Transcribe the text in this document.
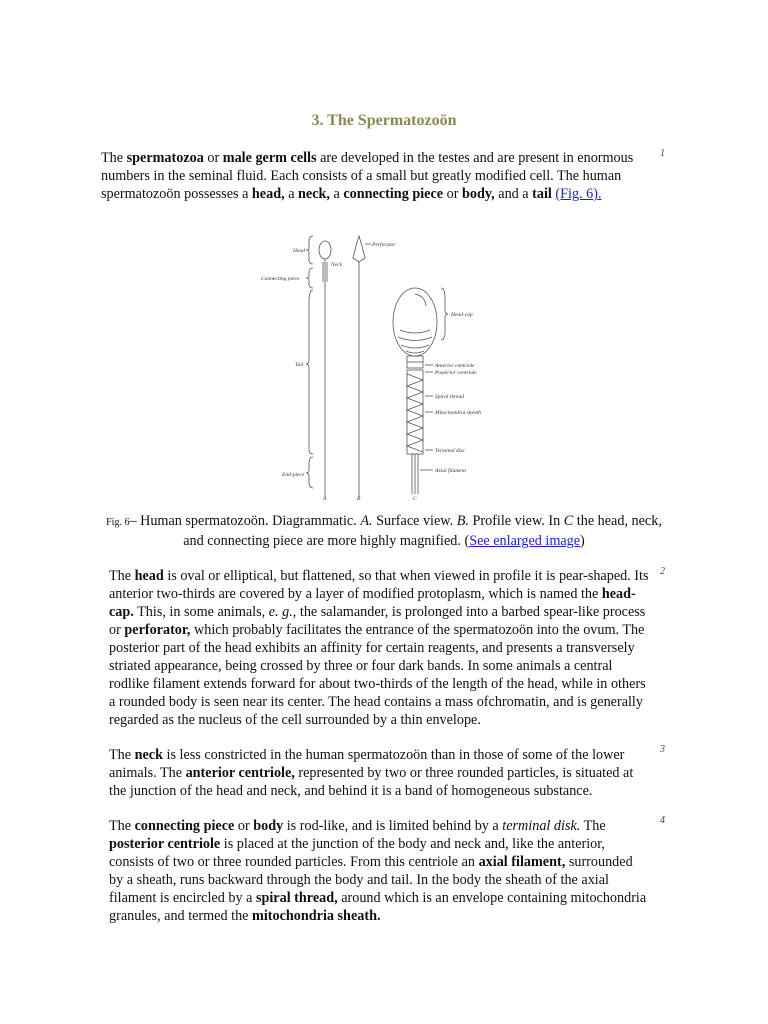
3. The Spermatozoön
The spermatozoa or male germ cells are developed in the testes and are present in enormous numbers in the seminal fluid. Each consists of a small but greatly modified cell. The human spermatozoön possesses a head, a neck, a connecting piece or body, and a tail (Fig. 6).
1
Head
Neck
Connecting piece
Tail
End-piece
Perforator
Head-cap
Anterior centriole
Posterior centriole
Spiral thread
Mitochondria sheath
Terminal disc
Axial filament
A	B	C
Fig. 6– Human spermatozoön. Diagrammatic. A. Surface view. B. Profile view. In C the head, neck, and connecting piece are more highly magnified. (See enlarged image)
The head is oval or elliptical, but flattened, so that when viewed in profile it is pear-shaped. Its anterior two-thirds are covered by a layer of modified protoplasm, which is named the head-cap. This, in some animals, e. g., the salamander, is prolonged into a barbed spear-like process or perforator, which probably facilitates the entrance of the spermatozoön into the ovum. The posterior part of the head exhibits an affinity for certain reagents, and presents a transversely striated appearance, being crossed by three or four dark bands. In some animals a central rodlike filament extends forward for about two-thirds of the length of the head, while in others a rounded body is seen near its center. The head contains a mass ofchromatin, and is generally regarded as the nucleus of the cell surrounded by a thin envelope.
2
The neck is less constricted in the human spermatozoön than in those of some of the lower animals. The anterior centriole, represented by two or three rounded particles, is situated at the junction of the head and neck, and behind it is a band of homogeneous substance.
3
The connecting piece or body is rod-like, and is limited behind by a terminal disk. The posterior centriole is placed at the junction of the body and neck and, like the anterior, consists of two or three rounded particles. From this centriole an axial filament, surrounded by a sheath, runs backward through the body and tail. In the body the sheath of the axial filament is encircled by a spiral thread, around which is an envelope containing mitochondria granules, and termed the mitochondria sheath.
4
